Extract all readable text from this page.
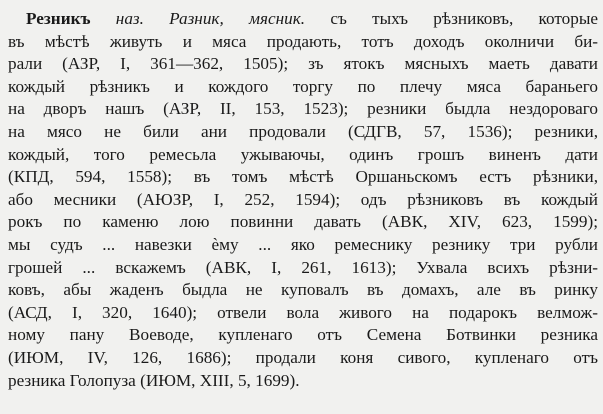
Резникъ наз. Разник, мясник. съ тыхъ рѣзниковъ, которые
въ мѣстѣ живуть и мяса продають, тотъ доходъ околничи би-
рали (АЗР, І, 361—362, 1505); зъ ятокъ мясныхъ маеть давати
кождый рѣзникъ и кождого торгу по плечу мяса бараньего
на дворъ нашъ (АЗР, ІІ, 153, 1523); резники быдла нездороваго
на мясо не били ани продовали (СДГВ, 57, 1536); резники,
кождый, того ремесьла ужываючы, одинъ грошъ виненъ дати
(КПД, 594, 1558); въ томъ мѣстѣ Оршаньскомъ естъ рѣзники,
або месники (АЮЗР, І, 252, 1594); одъ рѣзниковъ въ кождый
рокъ по каменю лою повинни давать (АВК, XIV, 623, 1599);
мы судъ ... навезки ѐму ... яко ремеснику резнику три рубли
грошей ... вскажемъ (АВК, І, 261, 1613); Ухвала всихъ рѣзни-
ковъ, абы жаденъ быдла не куповалъ въ домахъ, але въ ринку
(АСД, І, 320, 1640); отвели вола живого на подарокъ велмож-
ному пану Воеводе, купленаго отъ Семена Ботвинки резника
(ИЮМ, IV, 126, 1686); продали коня сивого, купленаго отъ
резника Голопуза (ИЮМ, ХІІІ, 5, 1699).
